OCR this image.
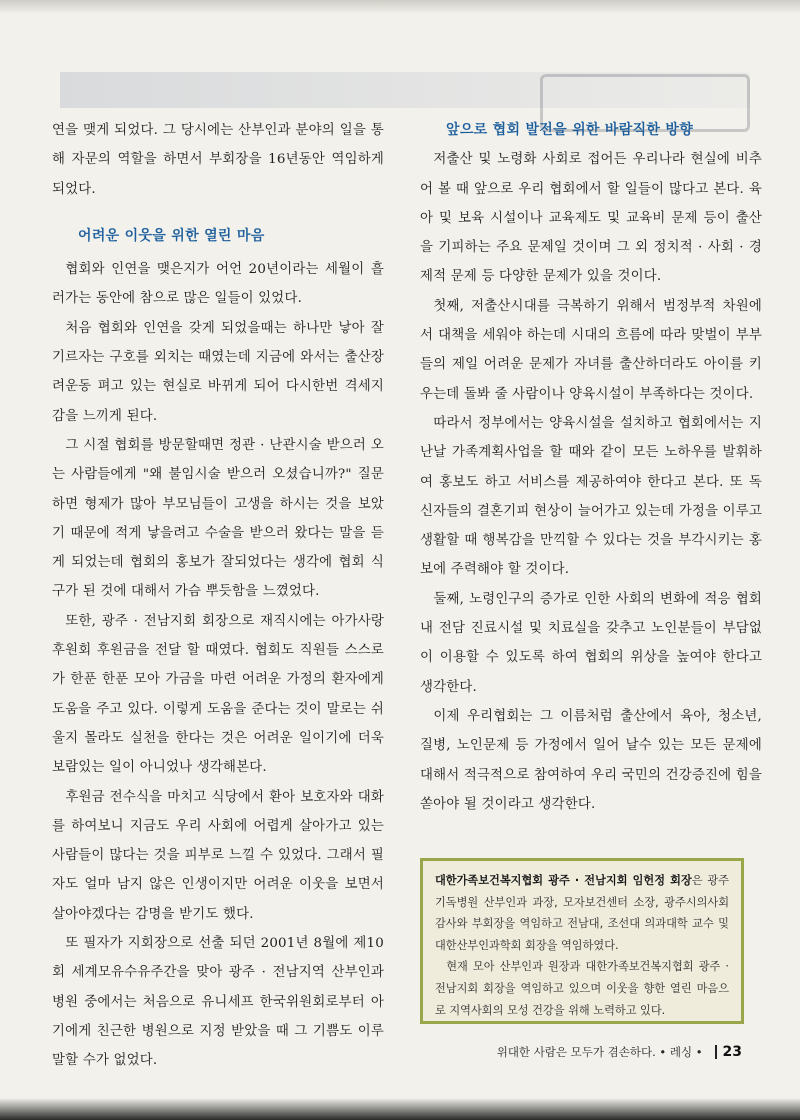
연을 맺게 되었다. 그 당시에는 산부인과 분야의 일을 통해 자문의 역할을 하면서 부회장을 16년동안 역임하게 되었다.

어려운 이웃을 위한 열린 마음

협회와 인연을 맺은지가 어언 20년이라는 세월이 흘러가는 동안에 참으로 많은 일들이 있었다.

처음 협회와 인연을 갖게 되었을때는 하나만 낳아 잘 기르자는 구호를 외치는 때였는데 지금에 와서는 출산장려운동 펴고 있는 현실로 바뀌게 되어 다시한번 격세지감을 느끼게 된다.

그 시절 협회를 방문할때면 정관 · 난관시술 받으러 오는 사람들에게 "왜 불임시술 받으러 오셨습니까?" 질문하면 형제가 많아 부모님들이 고생을 하시는 것을 보았기 때문에 적게 낳을려고 수술을 받으러 왔다는 말을 듣게 되었는데 협회의 홍보가 잘되었다는 생각에 협회 식구가 된 것에 대해서 가슴 뿌듯함을 느꼈었다.

또한, 광주 · 전남지회 회장으로 재직시에는 아가사랑 후원회 후원금을 전달 할 때였다. 협회도 직원들 스스로가 한푼 한푼 모아 가금을 마련 어려운 가정의 환자에게 도움을 주고 있다. 이렇게 도움을 준다는 것이 말로는 쉬울지 몰라도 실천을 한다는 것은 어려운 일이기에 더욱 보람있는 일이 아니었나 생각해본다.

후원금 전수식을 마치고 식당에서 환아 보호자와 대화를 하여보니 지금도 우리 사회에 어렵게 살아가고 있는 사람들이 많다는 것을 피부로 느낄 수 있었다. 그래서 필자도 얼마 남지 않은 인생이지만 어려운 이웃을 보면서 살아야겠다는 감명을 받기도 했다.

또 필자가 지회장으로 선출 되던 2001년 8월에 제10회 세계모유수유주간을 맞아 광주 · 전남지역 산부인과 병원 중에서는 처음으로 유니세프 한국위원회로부터 아기에게 친근한 병원으로 지정 받았을 때 그 기쁨도 이루 말할 수가 없었다.

앞으로 협회 발전을 위한 바람직한 방향

저출산 및 노령화 사회로 접어든 우리나라 현실에 비추어 볼 때 앞으로 우리 협회에서 할 일들이 많다고 본다. 육아 및 보육 시설이나 교육제도 및 교육비 문제 등이 출산을 기피하는 주요 문제일 것이며 그 외 정치적 · 사회 · 경제적 문제 등 다양한 문제가 있을 것이다.

첫째, 저출산시대를 극복하기 위해서 범정부적 차원에서 대책을 세워야 하는데 시대의 흐름에 따라 맞벌이 부부들의 제일 어려운 문제가 자녀를 출산하더라도 아이를 키우는데 돌봐 줄 사람이나 양육시설이 부족하다는 것이다.

따라서 정부에서는 양육시설을 설치하고 협회에서는 지난날 가족계획사업을 할 때와 같이 모든 노하우를 발휘하여 홍보도 하고 서비스를 제공하여야 한다고 본다. 또 독신자들의 결혼기피 현상이 늘어가고 있는데 가정을 이루고 생활할 때 행복감을 만끽할 수 있다는 것을 부각시키는 홍보에 주력해야 할 것이다.

둘째, 노령인구의 증가로 인한 사회의 변화에 적응 협회 내 전담 진료시설 및 치료실을 갖추고 노인분들이 부담없이 이용할 수 있도록 하여 협회의 위상을 높여야 한다고 생각한다.

이제 우리협회는 그 이름처럼 출산에서 육아, 청소년, 질병, 노인문제 등 가정에서 일어 날수 있는 모든 문제에 대해서 적극적으로 참여하여 우리 국민의 건강증진에 힘을 쏟아야 될 것이라고 생각한다.

대한가족보건복지협회 광주 · 전남지회 임헌정 회장은 광주기독병원 산부인과 과장, 모자보건센터 소장, 광주시의사회 감사와 부회장을 역임하고 전남대, 조선대 의과대학 교수 및 대한산부인과학회 회장을 역임하였다.

현재 모아 산부인과 원장과 대한가족보건복지협회 광주 · 전남지회 회장을 역임하고 있으며 이웃을 향한 열린 마음으로 지역사회의 모성 건강을 위해 노력하고 있다.

위대한 사람은 모두가 겸손하다. • 레싱 • 23
